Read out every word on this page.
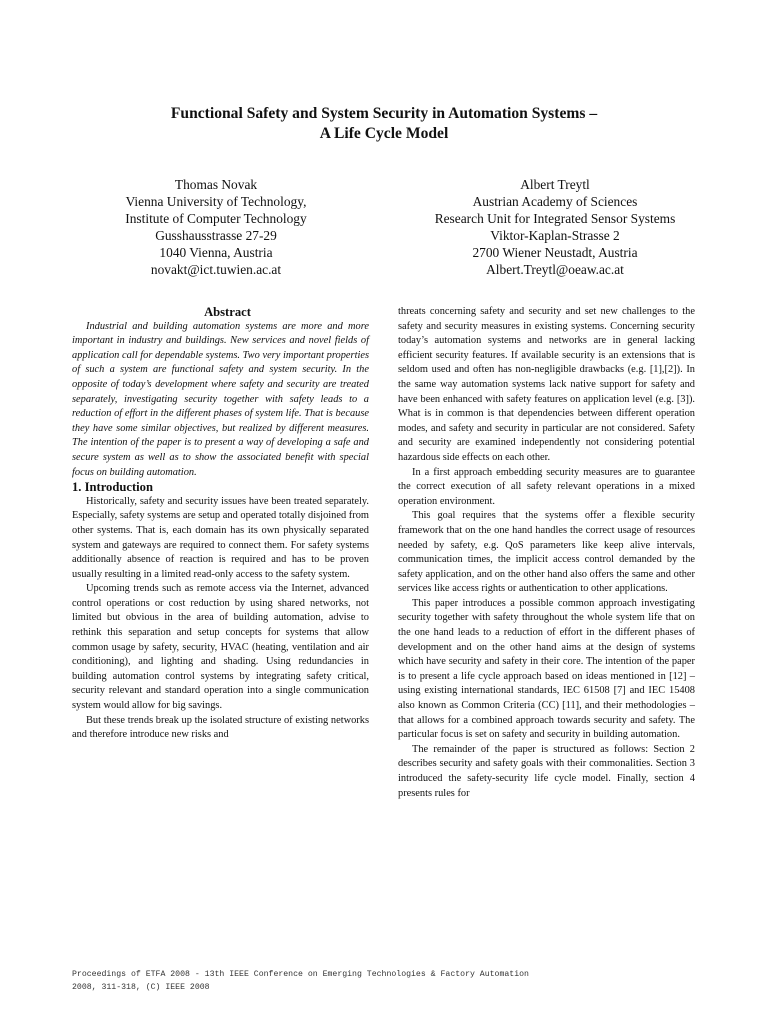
Functional Safety and System Security in Automation Systems –
A Life Cycle Model
Thomas Novak
Vienna University of Technology,
Institute of Computer Technology
Gusshausstrasse 27-29
1040 Vienna, Austria
novakt@ict.tuwien.ac.at
Albert Treytl
Austrian Academy of Sciences
Research Unit for Integrated Sensor Systems
Viktor-Kaplan-Strasse 2
2700 Wiener Neustadt, Austria
Albert.Treytl@oeaw.ac.at

Abstract

Industrial and building automation systems are more and more important in industry and buildings. New services and novel fields of application call for dependable systems. Two very important properties of such a system are functional safety and system security. In the opposite of today’s development where safety and security are treated separately, investigating security together with safety leads to a reduction of effort in the different phases of system life. That is because they have some similar objectives, but realized by different measures. The intention of the paper is to present a way of developing a safe and secure system as well as to show the associated benefit with special focus on building automation.

1. Introduction

Historically, safety and security issues have been treated separately. Especially, safety systems are setup and operated totally disjoined from other systems. That is, each domain has its own physically separated system and gateways are required to connect them. For safety systems additionally absence of reaction is required and has to be proven usually resulting in a limited read-only access to the safety system.

Upcoming trends such as remote access via the Internet, advanced control operations or cost reduction by using shared networks, not limited but obvious in the area of building automation, advise to rethink this separation and setup concepts for systems that allow common usage by safety, security, HVAC (heating, ventilation and air conditioning), and lighting and shading. Using redundancies in building automation control systems by integrating safety critical, security relevant and standard operation into a single communication system would allow for big savings.

But these trends break up the isolated structure of existing networks and therefore introduce new risks and

threats concerning safety and security and set new challenges to the safety and security measures in existing systems. Concerning security today’s automation systems and networks are in general lacking efficient security features. If available security is an extensions that is seldom used and often has non-negligible drawbacks (e.g. [1],[2]). In the same way automation systems lack native support for safety and have been enhanced with safety features on application level (e.g. [3]). What is in common is that dependencies between different operation modes, and safety and security in particular are not considered. Safety and security are examined independently not considering potential hazardous side effects on each other.

In a first approach embedding security measures are to guarantee the correct execution of all safety relevant operations in a mixed operation environment.

This goal requires that the systems offer a flexible security framework that on the one hand handles the correct usage of resources needed by safety, e.g. QoS parameters like keep alive intervals, communication times, the implicit access control demanded by the safety application, and on the other hand also offers the same and other services like access rights or authentication to other applications.

This paper introduces a possible common approach investigating security together with safety throughout the whole system life that on the one hand leads to a reduction of effort in the different phases of development and on the other hand aims at the design of systems which have security and safety in their core. The intention of the paper is to present a life cycle approach based on ideas mentioned in [12] – using existing international standards, IEC 61508 [7] and IEC 15408 also known as Common Criteria (CC) [11], and their methodologies – that allows for a combined approach towards security and safety. The particular focus is set on safety and security in building automation.

The remainder of the paper is structured as follows: Section 2 describes security and safety goals with their commonalities. Section 3 introduced the safety-security life cycle model. Finally, section 4 presents rules for

Proceedings of ETFA 2008 - 13th IEEE Conference on Emerging Technologies & Factory Automation
2008, 311-318, (C) IEEE 2008
